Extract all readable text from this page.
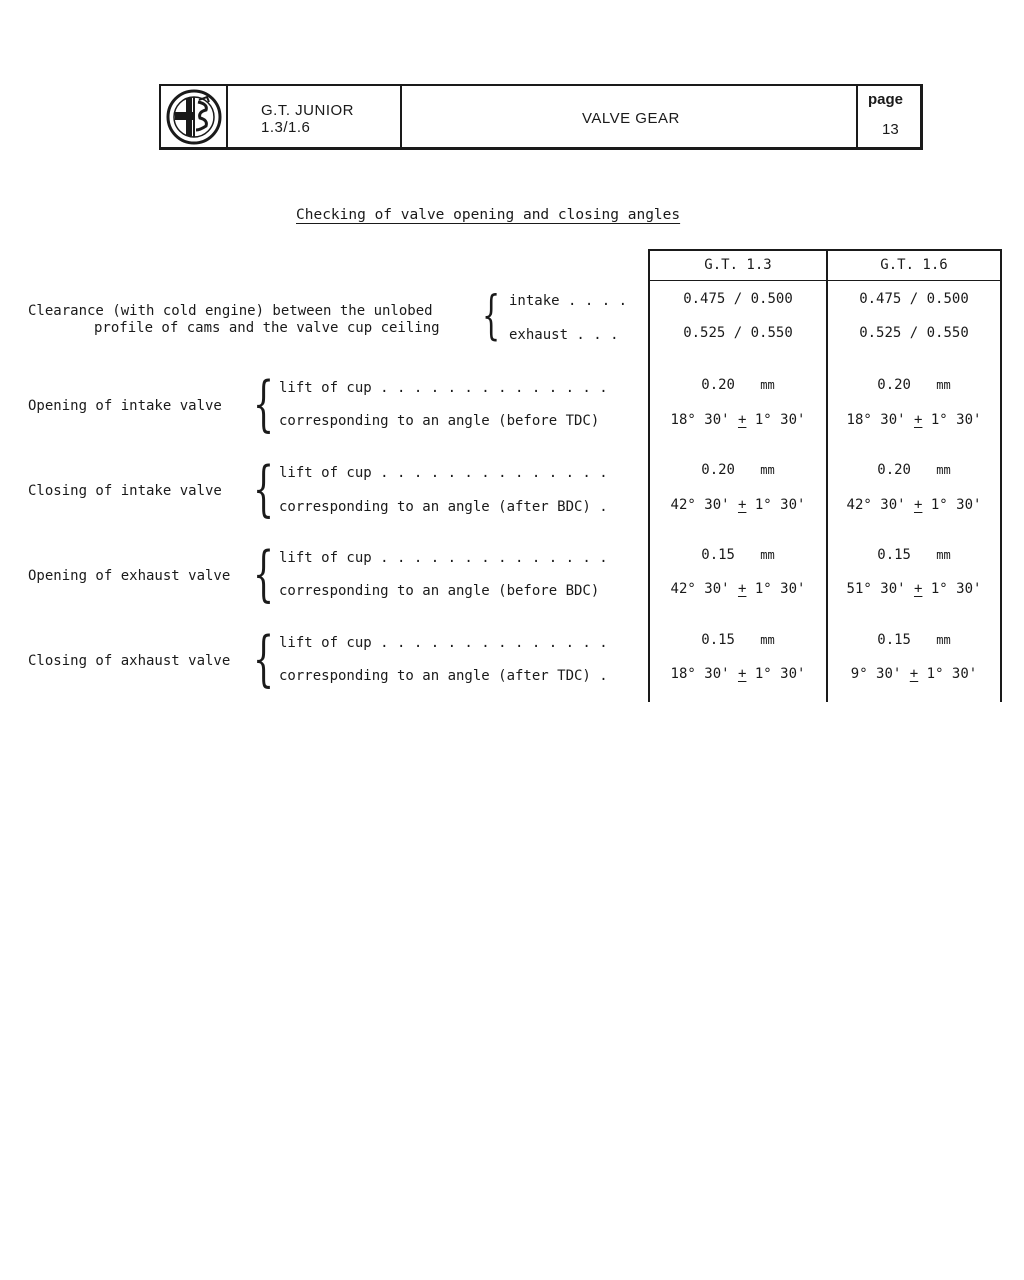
G.T. JUNIOR
1.3/1.6
VALVE GEAR
page
13
Checking of valve opening and closing angles
G.T. 1.3	G.T. 1.6
Clearance (with cold engine) between the unlobed
profile of cams and the valve cup ceiling { intake . . . .
exhaust . . .
0.475 / 0.500	0.475 / 0.500
0.525 / 0.550	0.525 / 0.550
Opening of intake valve { lift of cup . . . . . . . . . . . . . .
corresponding to an angle (before TDC)
0.20 mm	0.20 mm
18° 30' + 1° 30'	18° 30' + 1° 30'
Closing of intake valve { lift of cup . . . . . . . . . . . . . .
corresponding to an angle (after BDC) .
0.20 mm	0.20 mm
42° 30' + 1° 30'	42° 30' + 1° 30'
Opening of exhaust valve { lift of cup . . . . . . . . . . . . . .
corresponding to an angle (before BDC)
0.15 mm	0.15 mm
42° 30' + 1° 30'	51° 30' + 1° 30'
Closing of axhaust valve { lift of cup . . . . . . . . . . . . . .
corresponding to an angle (after TDC) .
0.15 mm	0.15 mm
18° 30' + 1° 30'	9° 30' + 1° 30'
